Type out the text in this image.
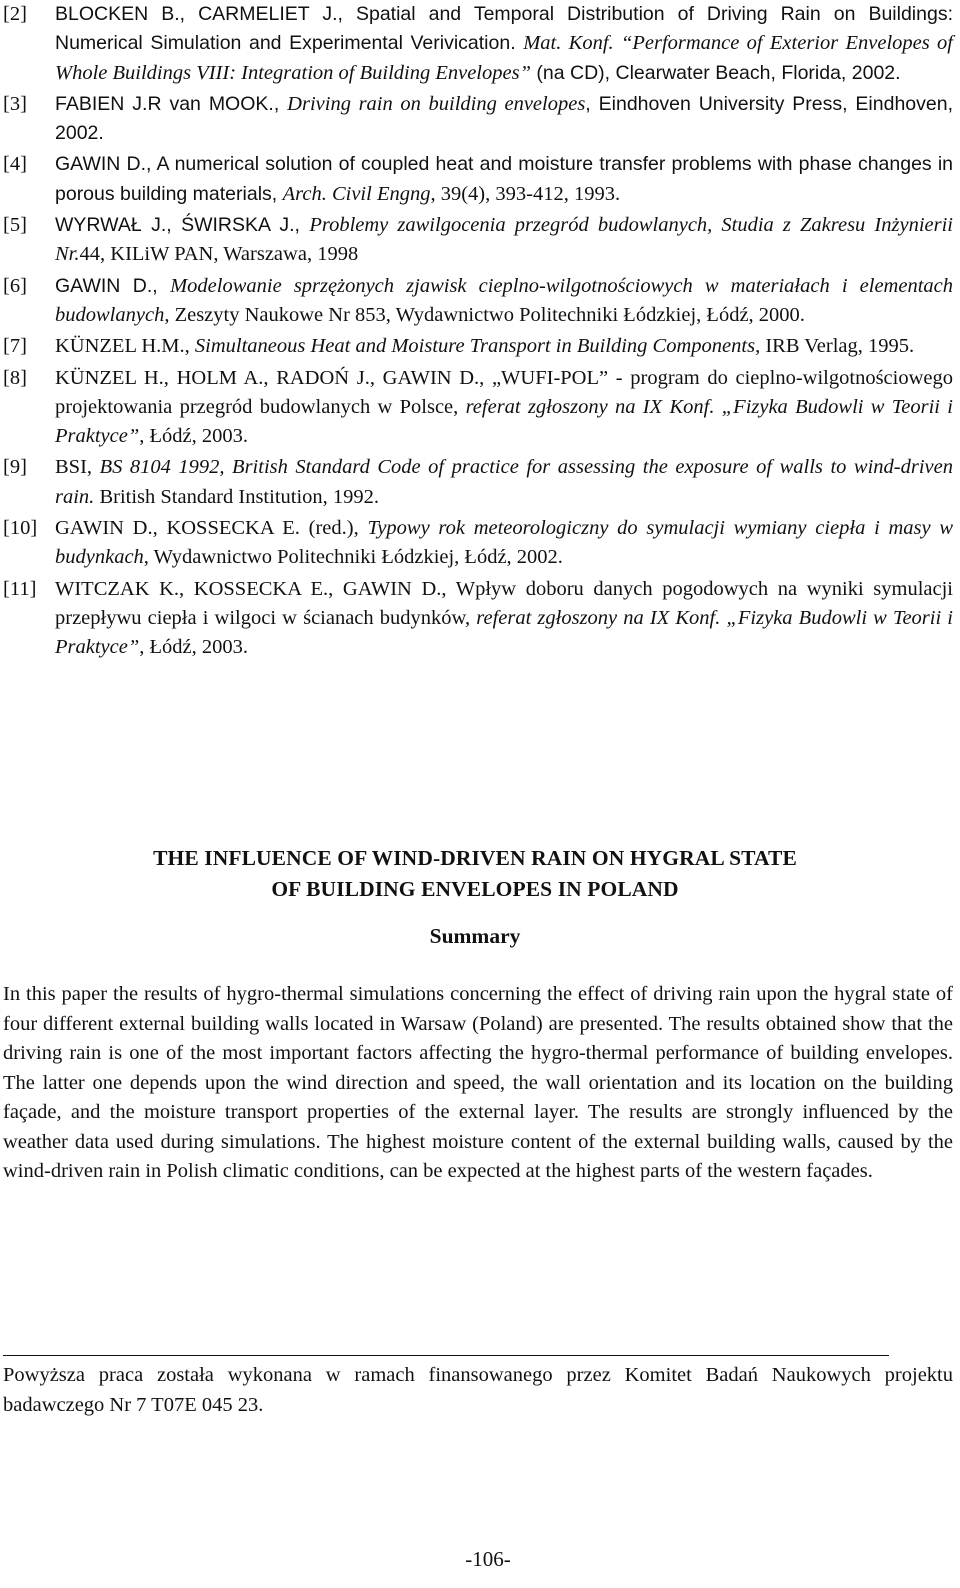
[2] BLOCKEN B., CARMELIET J., Spatial and Temporal Distribution of Driving Rain on Buildings: Numerical Simulation and Experimental Verivication. Mat. Konf. “Performance of Exterior Envelopes of Whole Buildings VIII: Integration of Building Envelopes” (na CD), Clearwater Beach, Florida, 2002.
[3] FABIEN J.R van MOOK., Driving rain on building envelopes, Eindhoven University Press, Eindhoven, 2002.
[4] GAWIN D., A numerical solution of coupled heat and moisture transfer problems with phase changes in porous building materials, Arch. Civil Engng, 39(4), 393-412, 1993.
[5] WYRWAŁ J., ŚWIRSKA J., Problemy zawilgocenia przegród budowlanych, Studia z Zakresu Inżynierii Nr.44, KILiW PAN, Warszawa, 1998
[6] GAWIN D., Modelowanie sprzężonych zjawisk cieplno-wilgotnościowych w materiałach i elementach budowlanych, Zeszyty Naukowe Nr 853, Wydawnictwo Politechniki Łódzkiej, Łódź, 2000.
[7] KÜNZEL H.M., Simultaneous Heat and Moisture Transport in Building Components, IRB Verlag, 1995.
[8] KÜNZEL H., HOLM A., RADOŃ J., GAWIN D., „WUFI-POL” - program do cieplno-wilgotnościowego projektowania przegród budowlanych w Polsce, referat zgłoszony na IX Konf. „Fizyka Budowli w Teorii i Praktyce”, Łódź, 2003.
[9] BSI, BS 8104 1992, British Standard Code of practice for assessing the exposure of walls to wind-driven rain. British Standard Institution, 1992.
[10] GAWIN D., KOSSECKA E. (red.), Typowy rok meteorologiczny do symulacji wymiany ciepła i masy w budynkach, Wydawnictwo Politechniki Łódzkiej, Łódź, 2002.
[11] WITCZAK K., KOSSECKA E., GAWIN D., Wpływ doboru danych pogodowych na wyniki symulacji przepływu ciepła i wilgoci w ścianach budynków, referat zgłoszony na IX Konf. „Fizyka Budowli w Teorii i Praktyce”, Łódź, 2003.
THE INFLUENCE OF WIND-DRIVEN RAIN ON HYGRAL STATE
OF BUILDING ENVELOPES IN POLAND
Summary

In this paper the results of hygro-thermal simulations concerning the effect of driving rain upon the hygral state of four different external building walls located in Warsaw (Poland) are presented. The results obtained show that the driving rain is one of the most important factors affecting the hygro-thermal performance of building envelopes. The latter one depends upon the wind direction and speed, the wall orientation and its location on the building façade, and the moisture transport properties of the external layer. The results are strongly influenced by the weather data used during simulations. The highest moisture content of the external building walls, caused by the wind-driven rain in Polish climatic conditions, can be expected at the highest parts of the western façades.

Powyższa praca została wykonana w ramach finansowanego przez Komitet Badań Naukowych projektu badawczego Nr 7 T07E 045 23.

-106-
